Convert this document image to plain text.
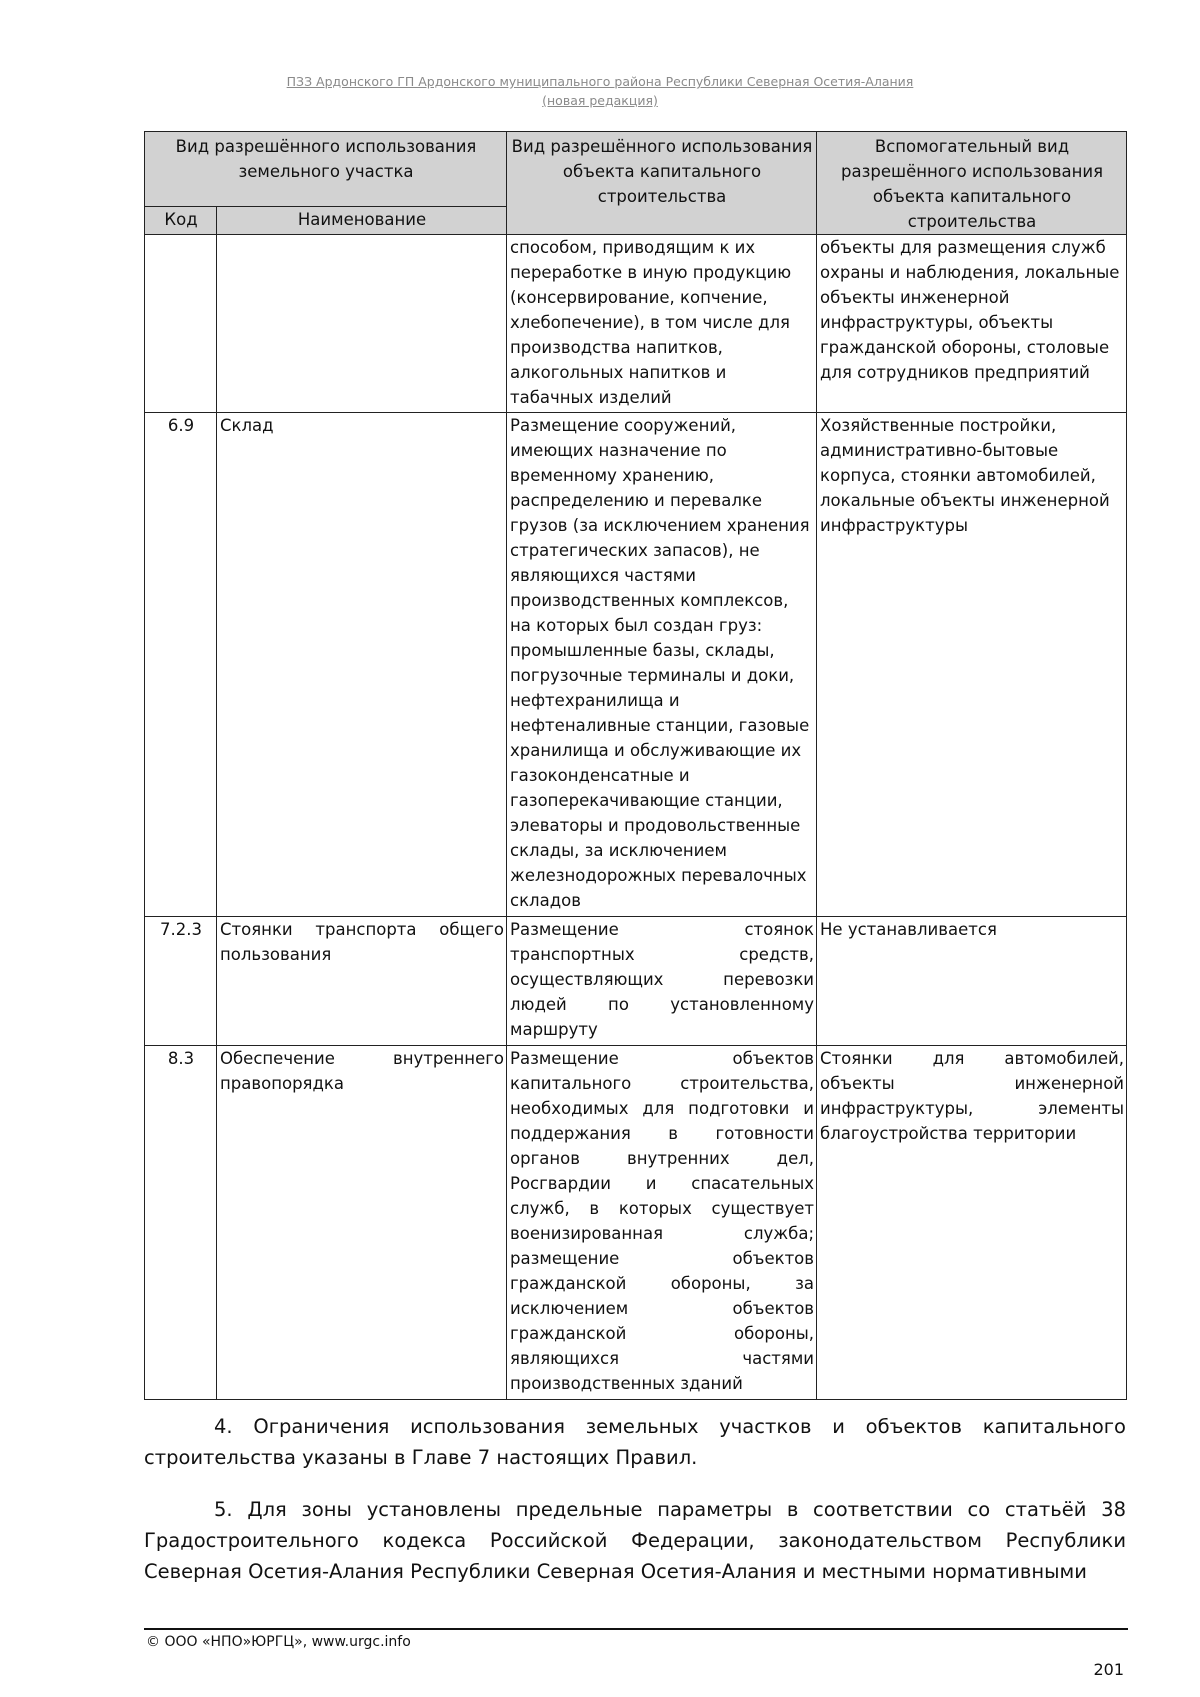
ПЗЗ Ардонского ГП Ардонского муниципального района Республики Северная Осетия-Алания
(новая редакция)
Вид разрешённого использования земельного участка		Вид разрешённого использования объекта капитального строительства	Вспомогательный вид разрешённого использования объекта капитального строительства
Код	Наименование		
		способом, приводящим к их переработке в иную продукцию (консервирование, копчение, хлебопечение), в том числе для производства напитков, алкогольных напитков и табачных изделий	объекты для размещения служб охраны и наблюдения, локальные объекты инженерной инфраструктуры, объекты гражданской обороны, столовые для сотрудников предприятий
6.9	Склад	Размещение сооружений, имеющих назначение по временному хранению, распределению и перевалке грузов (за исключением хранения стратегических запасов), не являющихся частями производственных комплексов, на которых был создан груз: промышленные базы, склады, погрузочные терминалы и доки, нефтехранилища и нефтеналивные станции, газовые хранилища и обслуживающие их газоконденсатные и газоперекачивающие станции, элеваторы и продовольственные склады, за исключением железнодорожных перевалочных складов	Хозяйственные постройки, административно-бытовые корпуса, стоянки автомобилей, локальные объекты инженерной инфраструктуры
7.2.3	Стоянки транспорта общего пользования	Размещение стоянок транспортных средств, осуществляющих перевозки людей по установленному маршруту	Не устанавливается
8.3	Обеспечение внутреннего правопорядка	Размещение объектов капитального строительства, необходимых для подготовки и поддержания в готовности органов внутренних дел, Росгвардии и спасательных служб, в которых существует военизированная служба; размещение объектов гражданской обороны, за исключением объектов гражданской обороны, являющихся частями производственных зданий	Стоянки для автомобилей, объекты инженерной инфраструктуры, элементы благоустройства территории

4. Ограничения использования земельных участков и объектов капитального строительства указаны в Главе 7 настоящих Правил.

5. Для зоны установлены предельные параметры в соответствии со статьёй 38 Градостроительного кодекса Российской Федерации, законодательством Республики Северная Осетия-Алания Республики Северная Осетия-Алания и местными нормативными

© ООО «НПО»ЮРГЦ», www.urgc.info
201
